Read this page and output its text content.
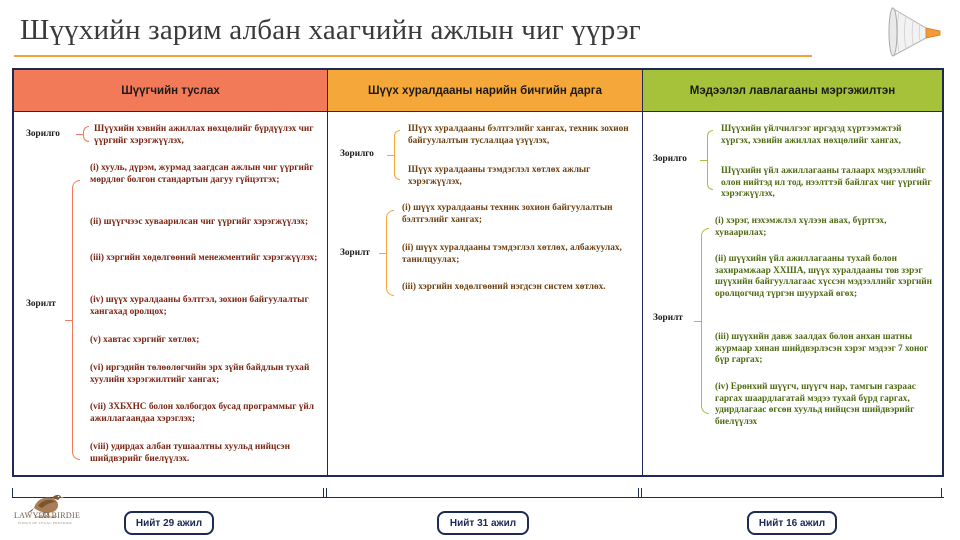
Шүүхийн зарим албан хаагчийн ажлын чиг үүрэг
Шүүгчийн туслах
Зорилго	Шүүхийн хэвийн ажиллах нөхцөлийг бүрдүүлэх чиг үүргийг хэрэгжүүлэх,
Зорилт
(i) хууль, дүрэм, журмад заагдсан ажлын чиг үүргийг мөрдлөг болгон стандартын дагуу гүйцэтгэх;
(ii) шүүгчээс хуваарилсан чиг үүргийг хэрэгжүүлэх;
(iii) хэргийн хөдөлгөөний менежментийг хэрэгжүүлэх;
(iv) шүүх хуралдааны бэлтгэл, зохион байгуулалтыг хангахад оролцох;
(v) хавтас хэргийг хөтлөх;
(vi) иргэдийн төлөөлөгчийн эрх зүйн байдлын тухай хуулийн хэрэгжилтийг хангах;
(vii) ЗХБХНС болон холбогдох бусад программыг үйл ажиллагаандаа хэрэглэх;
(viii) удирдах албан тушаалтны хуульд нийцсэн шийдвэрийг биелүүлэх.
Шүүх хуралдааны нарийн бичгийн дарга
Зорилго
Шүүх хуралдааны бэлтгэлийг хангах, техник зохион байгуулалтын туслалцаа үзүүлэх,
Шүүх хуралдааны тэмдэглэл хөтлөх ажлыг хэрэгжүүлэх,
Зорилт
(i) шүүх хуралдааны техник зохион байгуулалтын бэлтгэлийг хангах;
(ii) шүүх хуралдааны тэмдэглэл хөтлөх, албажуулах, танилцуулах;
(iii) хэргийн хөдөлгөөний нэгдсэн систем хөтлөх.
Мэдээлэл лавлагааны мэргэжилтэн
Зорилго
Шүүхийн үйлчилгээг иргэдэд хүртээмжтэй хүргэх, хэвийн ажиллах нөхцөлийг хангах,
Шүүхийн үйл ажиллагааны талаарх мэдээллийг олон нийтэд ил тод, нээлттэй байлгах чиг үүргийг хэрэгжүүлэх,
Зорилт
(i) хэрэг, нэхэмжлэл хүлээн авах, бүртгэх, хуваарилах;
(ii) шүүхийн үйл ажиллагааны тухай болон захирамжаар ХХША, шүүх хуралдааны тов зэрэг шүүхийн байгууллагаас хүссэн мэдээллийг хэргийн оролцогчид түргэн шуурхай өгөх;
(iii) шүүхийн давж заалдах болон анхан шатны журмаар хянан шийдвэрлэсэн хэрэг мэдээг 7 хоног бүр гаргах;
(iv) Ерөнхий шүүгч, шүүгч нар, тамгын газраас гаргах шаардлагатай мэдээ тухай бүрд гаргах, удирдлагаас өгсөн хуульд нийцсэн шийдвэрийг биелүүлэх
Нийт 29 ажил	Нийт 31 ажил	Нийт 16 ажил
LAWYER BIRDIE
WINGS OF LEGAL FREEDOM
